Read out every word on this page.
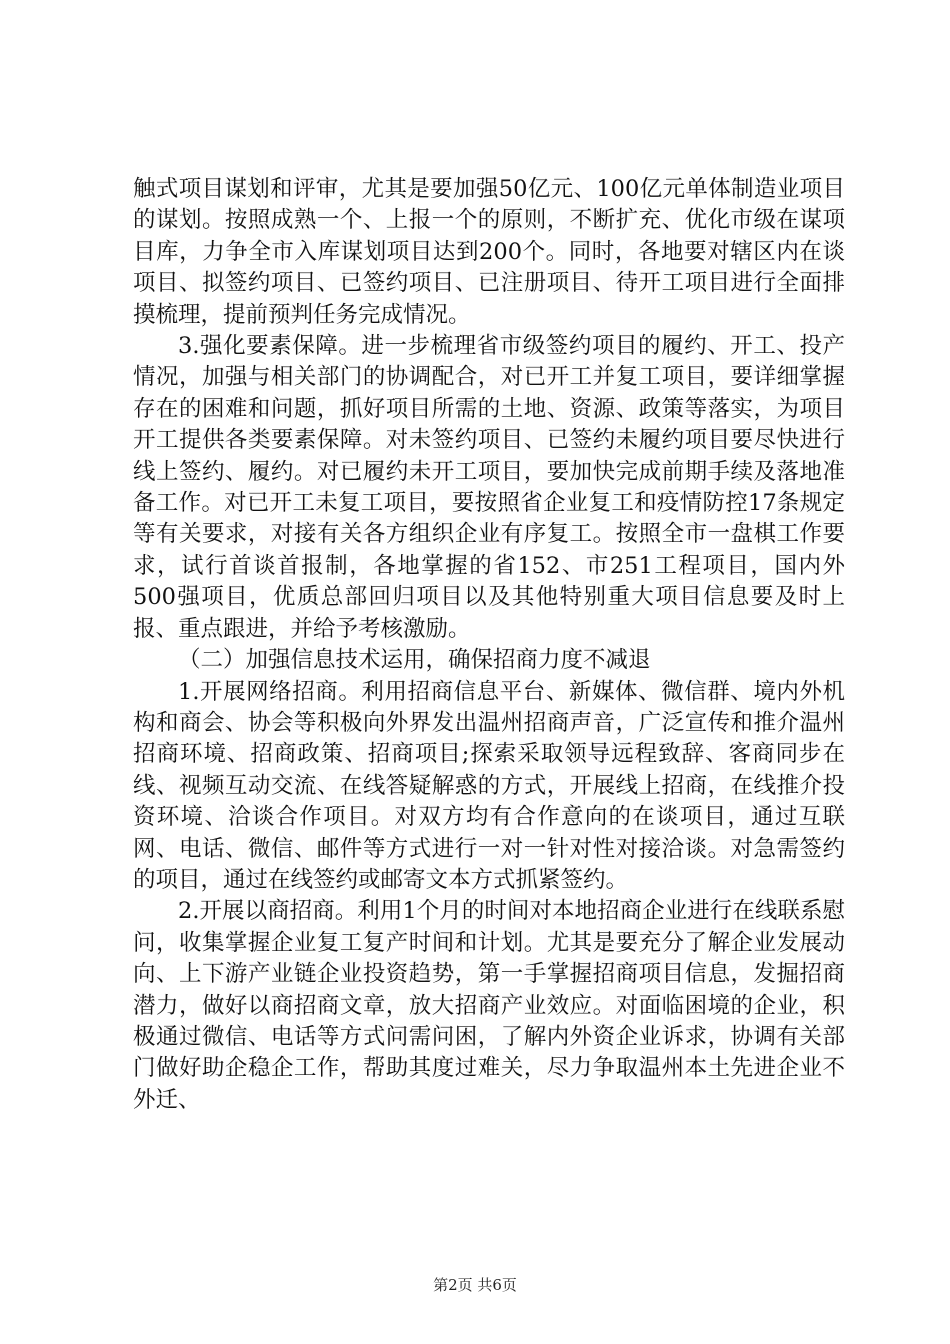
触式项目谋划和评审，尤其是要加强50亿元、100亿元单体制造业项目的谋划。按照成熟一个、上报一个的原则，不断扩充、优化市级在谋项目库，力争全市入库谋划项目达到200个。同时，各地要对辖区内在谈项目、拟签约项目、已签约项目、已注册项目、待开工项目进行全面排摸梳理，提前预判任务完成情况。

3.强化要素保障。进一步梳理省市级签约项目的履约、开工、投产情况，加强与相关部门的协调配合，对已开工并复工项目，要详细掌握存在的困难和问题，抓好项目所需的土地、资源、政策等落实，为项目开工提供各类要素保障。对未签约项目、已签约未履约项目要尽快进行线上签约、履约。对已履约未开工项目，要加快完成前期手续及落地准备工作。对已开工未复工项目，要按照省企业复工和疫情防控17条规定等有关要求，对接有关各方组织企业有序复工。按照全市一盘棋工作要求，试行首谈首报制，各地掌握的省152、市251工程项目，国内外500强项目，优质总部回归项目以及其他特别重大项目信息要及时上报、重点跟进，并给予考核激励。

（二）加强信息技术运用，确保招商力度不减退

1.开展网络招商。利用招商信息平台、新媒体、微信群、境内外机构和商会、协会等积极向外界发出温州招商声音，广泛宣传和推介温州招商环境、招商政策、招商项目;探索采取领导远程致辞、客商同步在线、视频互动交流、在线答疑解惑的方式，开展线上招商，在线推介投资环境、洽谈合作项目。对双方均有合作意向的在谈项目，通过互联网、电话、微信、邮件等方式进行一对一针对性对接洽谈。对急需签约的项目，通过在线签约或邮寄文本方式抓紧签约。

2.开展以商招商。利用1个月的时间对本地招商企业进行在线联系慰问，收集掌握企业复工复产时间和计划。尤其是要充分了解企业发展动向、上下游产业链企业投资趋势，第一手掌握招商项目信息，发掘招商潜力，做好以商招商文章，放大招商产业效应。对面临困境的企业，积极通过微信、电话等方式问需问困，了解内外资企业诉求，协调有关部门做好助企稳企工作，帮助其度过难关，尽力争取温州本土先进企业不外迁、

第2页 共6页
